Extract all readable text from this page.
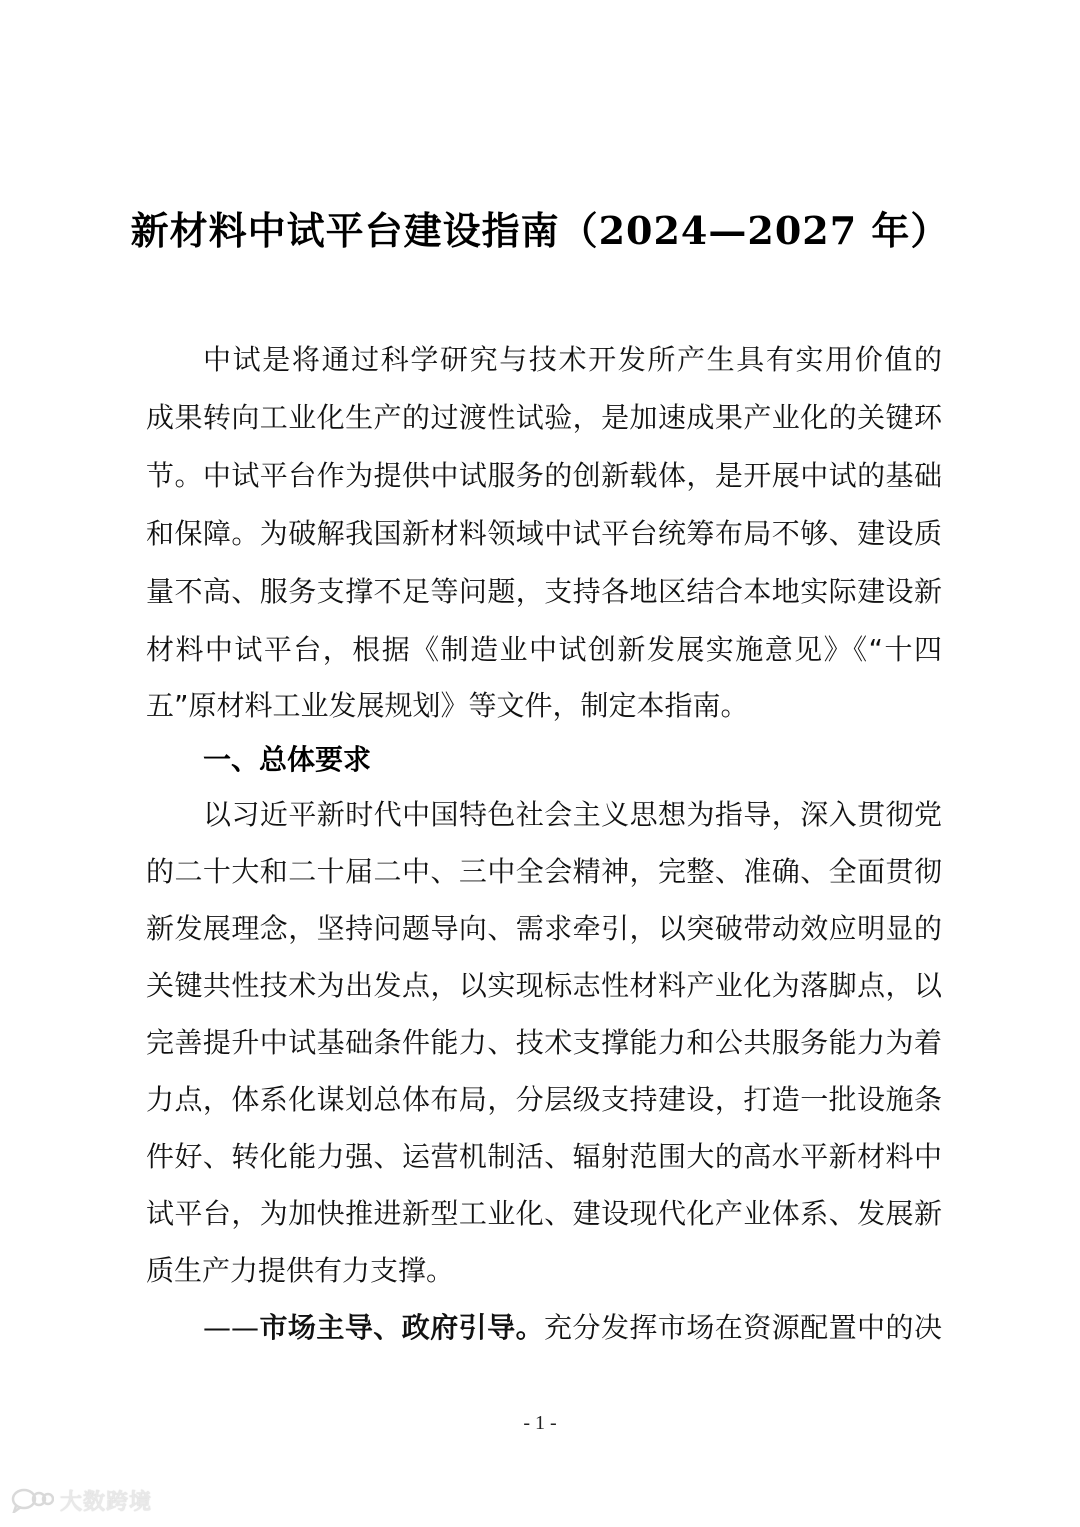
新材料中试平台建设指南（2024—2027 年）
中试是将通过科学研究与技术开发所产生具有实用价值的
成果转向工业化生产的过渡性试验，是加速成果产业化的关键环
节。中试平台作为提供中试服务的创新载体，是开展中试的基础
和保障。为破解我国新材料领域中试平台统筹布局不够、建设质
量不高、服务支撑不足等问题，支持各地区结合本地实际建设新
材料中试平台，根据《制造业中试创新发展实施意见》《“十四
五”原材料工业发展规划》等文件，制定本指南。
一、总体要求
以习近平新时代中国特色社会主义思想为指导，深入贯彻党
的二十大和二十届二中、三中全会精神，完整、准确、全面贯彻
新发展理念，坚持问题导向、需求牵引，以突破带动效应明显的
关键共性技术为出发点，以实现标志性材料产业化为落脚点，以
完善提升中试基础条件能力、技术支撑能力和公共服务能力为着
力点，体系化谋划总体布局，分层级支持建设，打造一批设施条
件好、转化能力强、运营机制活、辐射范围大的高水平新材料中
试平台，为加快推进新型工业化、建设现代化产业体系、发展新
质生产力提供有力支撑。
——市场主导、政府引导。充分发挥市场在资源配置中的决
- 1 -
大数跨境
